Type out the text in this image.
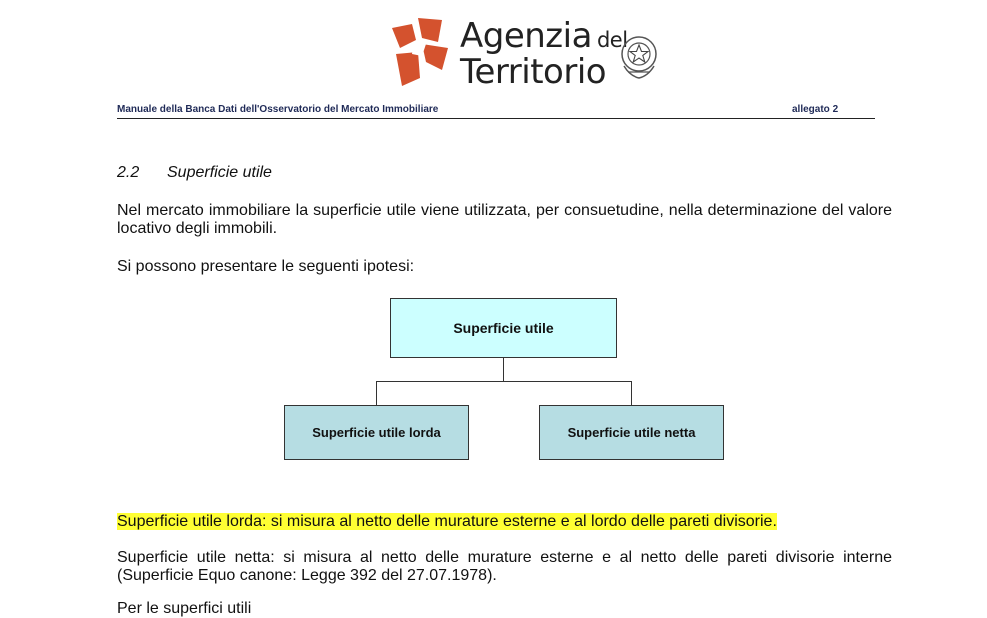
Agenzia del
Territorio
Manuale della Banca Dati dell'Osservatorio del Mercato Immobiliare	allegato 2
2.2 Superficie utile
Nel mercato immobiliare la superficie utile viene utilizzata, per consuetudine, nella determinazione del valore locativo degli immobili.
Si possono presentare le seguenti ipotesi:
Superficie utile
Superficie utile lorda	Superficie utile netta
Superficie utile lorda: si misura al netto delle murature esterne e al lordo delle pareti divisorie.
Superficie utile netta: si misura al netto delle murature esterne e al netto delle pareti divisorie interne (Superficie Equo canone: Legge 392 del 27.07.1978).
Per le superfici utili
